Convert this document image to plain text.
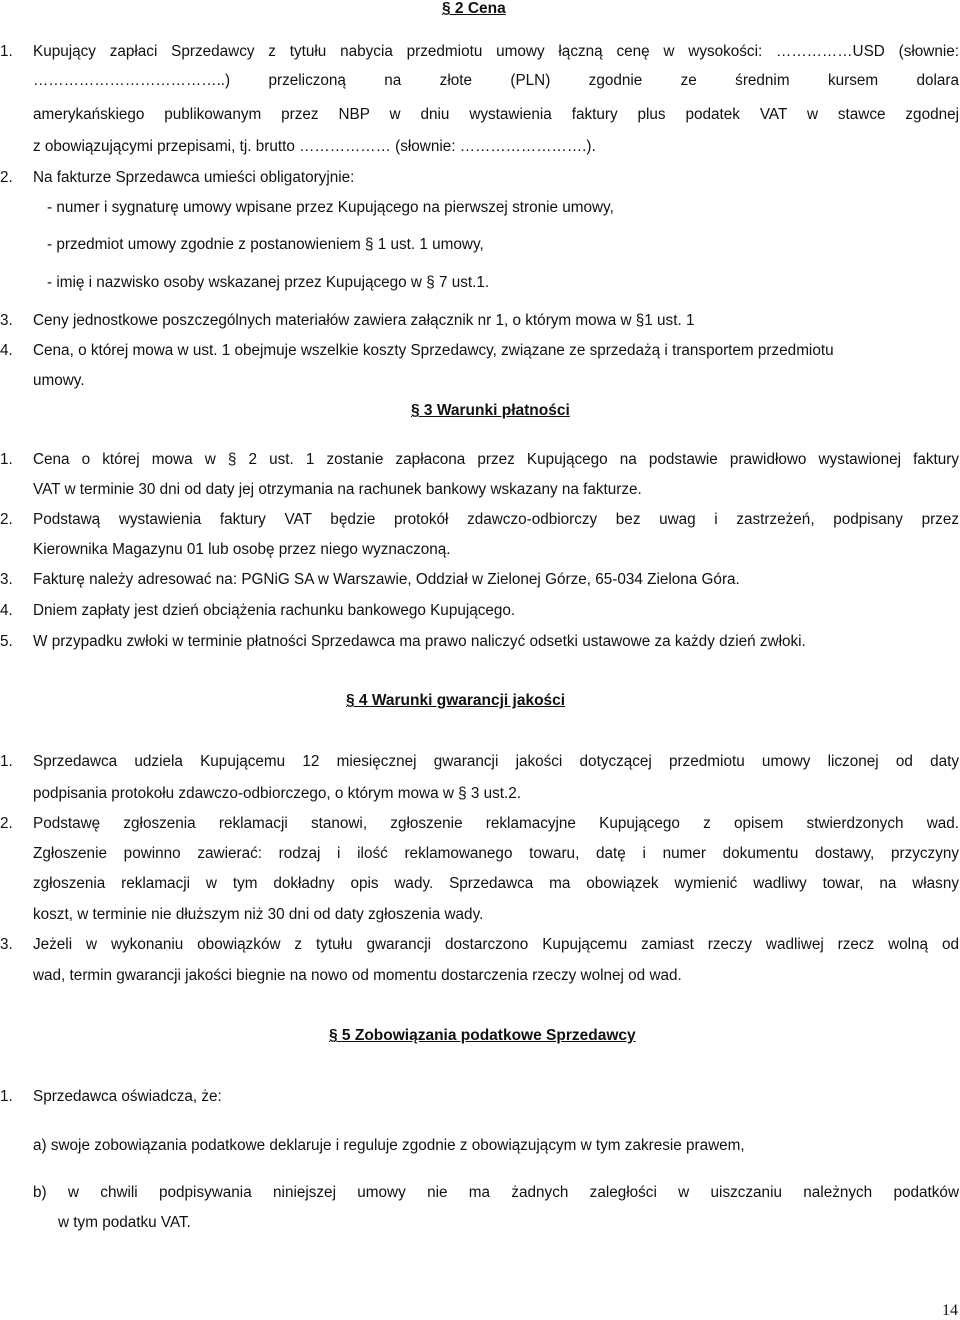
§ 2 Cena
1. Kupujący zapłaci Sprzedawcy z tytułu nabycia przedmiotu umowy łączną cenę w wysokości: ……………USD (słownie:
………………………………..) przeliczoną na złote (PLN) zgodnie ze średnim kursem dolara
amerykańskiego publikowanym przez NBP w dniu wystawienia faktury plus podatek VAT w stawce zgodnej
z obowiązującymi przepisami, tj. brutto ……………… (słownie: …………………….).
2. Na fakturze Sprzedawca umieści obligatoryjnie:
- numer i sygnaturę umowy wpisane przez Kupującego na pierwszej stronie umowy,
- przedmiot umowy zgodnie z postanowieniem § 1 ust. 1 umowy,
- imię i nazwisko osoby wskazanej przez Kupującego w § 7 ust.1.
3. Ceny jednostkowe poszczególnych materiałów zawiera załącznik nr 1, o którym mowa w §1 ust. 1
4. Cena, o której mowa w ust. 1 obejmuje wszelkie koszty Sprzedawcy, związane ze sprzedażą i transportem przedmiotu
umowy.
§ 3 Warunki płatności
1. Cena o której mowa w § 2 ust. 1 zostanie zapłacona przez Kupującego na podstawie prawidłowo wystawionej faktury
VAT w terminie 30 dni od daty jej otrzymania na rachunek bankowy wskazany na fakturze.
2. Podstawą wystawienia faktury VAT będzie protokół zdawczo-odbiorczy bez uwag i zastrzeżeń, podpisany przez
Kierownika Magazynu 01 lub osobę przez niego wyznaczoną.
3. Fakturę należy adresować na: PGNiG SA w Warszawie, Oddział w Zielonej Górze, 65-034 Zielona Góra.
4. Dniem zapłaty jest dzień obciążenia rachunku bankowego Kupującego.
5. W przypadku zwłoki w terminie płatności Sprzedawca ma prawo naliczyć odsetki ustawowe za każdy dzień zwłoki.
§ 4 Warunki gwarancji jakości
1. Sprzedawca udziela Kupującemu 12 miesięcznej gwarancji jakości dotyczącej przedmiotu umowy liczonej od daty
podpisania protokołu zdawczo-odbiorczego, o którym mowa w § 3 ust.2.
2. Podstawę zgłoszenia reklamacji stanowi, zgłoszenie reklamacyjne Kupującego z opisem stwierdzonych wad.
Zgłoszenie powinno zawierać: rodzaj i ilość reklamowanego towaru, datę i numer dokumentu dostawy, przyczyny
zgłoszenia reklamacji w tym dokładny opis wady. Sprzedawca ma obowiązek wymienić wadliwy towar, na własny
koszt, w terminie nie dłuższym niż 30 dni od daty zgłoszenia wady.
3. Jeżeli w wykonaniu obowiązków z tytułu gwarancji dostarczono Kupującemu zamiast rzeczy wadliwej rzecz wolną od
wad, termin gwarancji jakości biegnie na nowo od momentu dostarczenia rzeczy wolnej od wad.
§ 5 Zobowiązania podatkowe Sprzedawcy
1. Sprzedawca oświadcza, że:
a) swoje zobowiązania podatkowe deklaruje i reguluje zgodnie z obowiązującym w tym zakresie prawem,
b) w chwili podpisywania niniejszej umowy nie ma żadnych zaległości w uiszczaniu należnych podatków
w tym podatku VAT.
14
